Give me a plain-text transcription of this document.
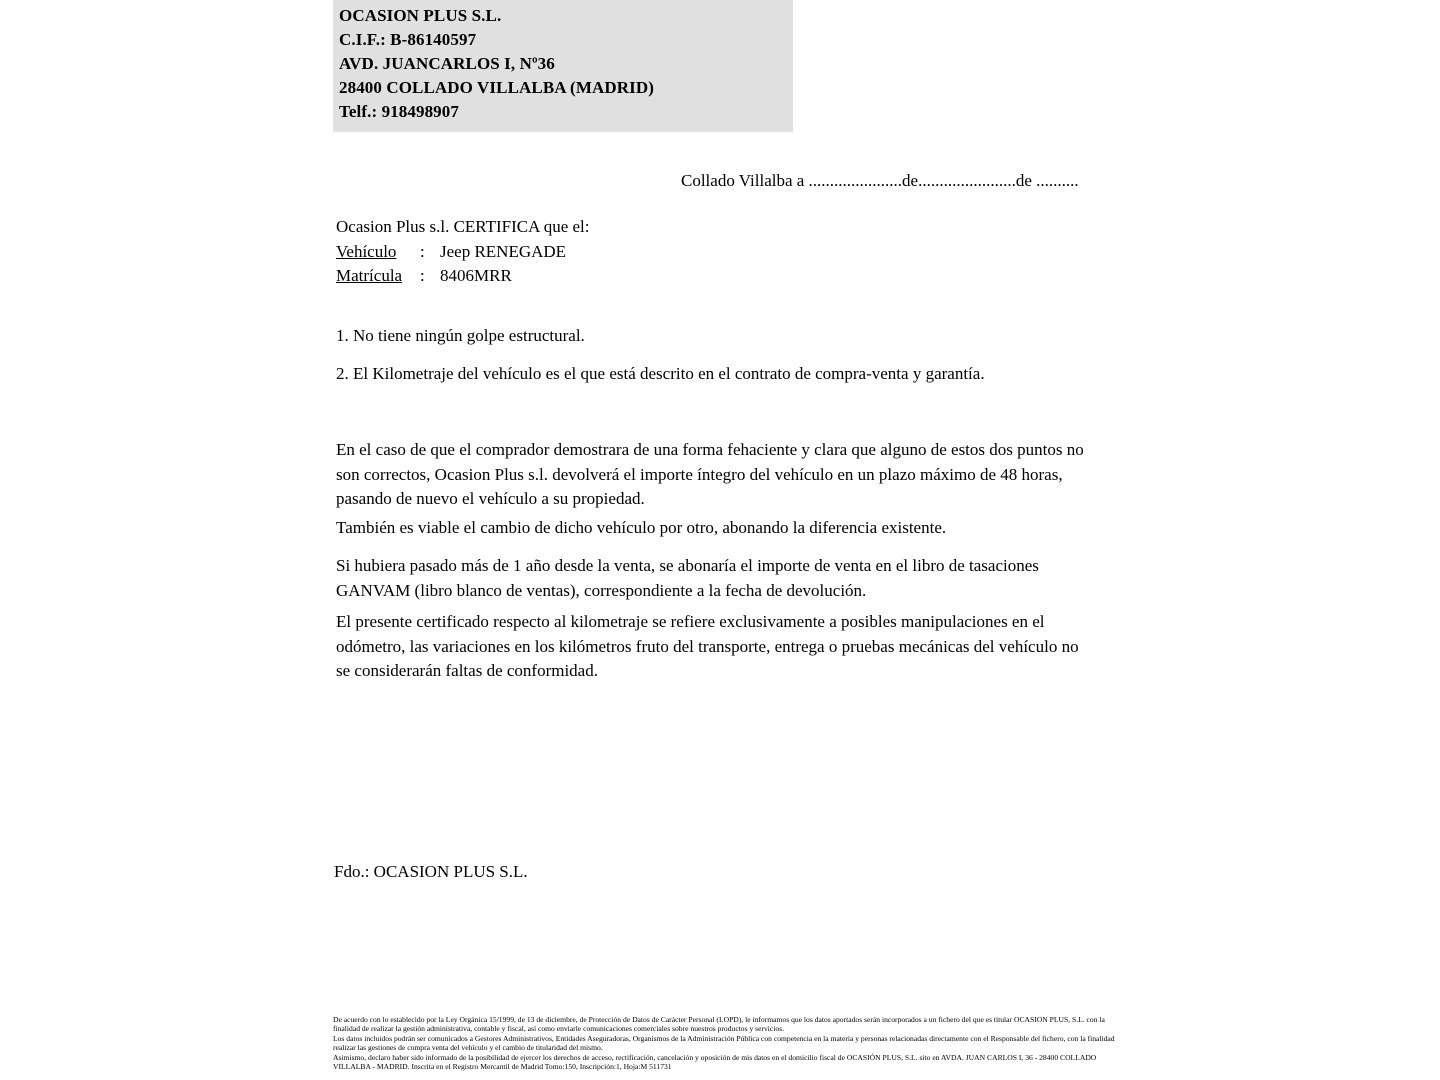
OCASION PLUS S.L.
C.I.F.: B-86140597
AVD. JUANCARLOS I, Nº36
28400 COLLADO VILLALBA (MADRID)
Telf.: 918498907
Collado Villalba a ......................de.......................de ..........
Ocasion Plus s.l. CERTIFICA que el:
Vehículo	: Jeep RENEGADE
Matrícula	: 8406MRR
1. No tiene ningún golpe estructural.
2. El Kilometraje del vehículo es el que está descrito en el contrato de compra-venta y garantía.
En el caso de que el comprador demostrara de una forma fehaciente y clara que alguno de estos dos puntos no son correctos, Ocasion Plus s.l. devolverá el importe íntegro del vehículo en un plazo máximo de 48 horas, pasando de nuevo el vehículo a su propiedad.
También es viable el cambio de dicho vehículo por otro, abonando la diferencia existente.
Si hubiera pasado más de 1 año desde la venta, se abonaría el importe de venta en el libro de tasaciones GANVAM (libro blanco de ventas), correspondiente a la fecha de devolución.
El presente certificado respecto al kilometraje se refiere exclusivamente a posibles manipulaciones en el odómetro, las variaciones en los kilómetros fruto del transporte, entrega o pruebas mecánicas del vehículo no se considerarán faltas de conformidad.
Fdo.: OCASION PLUS S.L.

De acuerdo con lo establecido por la Ley Orgánica 15/1999, de 13 de diciembre, de Protección de Datos de Carácter Personal (LOPD), le informamos que los datos aportados serán incorporados a un fichero del que es titular OCASION PLUS, S.L. con la finalidad de realizar la gestión administrativa, contable y fiscal, así como enviarle comunicaciones comerciales sobre nuestros productos y servicios.

Los datos incluidos podrán ser comunicados a Gestores Administrativos, Entidades Aseguradoras, Organismos de la Administración Pública con competencia en la materia y personas relacionadas directamente con el Responsable del fichero, con la finalidad realizar las gestiones de compra venta del vehículo y el cambio de titularidad del mismo.

Asimismo, declaro haber sido informado de la posibilidad de ejercer los derechos de acceso, rectificación, cancelación y oposición de mis datos en el domicilio fiscal de OCASIÓN PLUS, S.L. sito en AVDA. JUAN CARLOS I, 36 - 28400 COLLADO VILLALBA - MADRID. Inscrita en el Registro Mercantil de Madrid Tomo:150, Inscripción:1, Hoja:M 511731
